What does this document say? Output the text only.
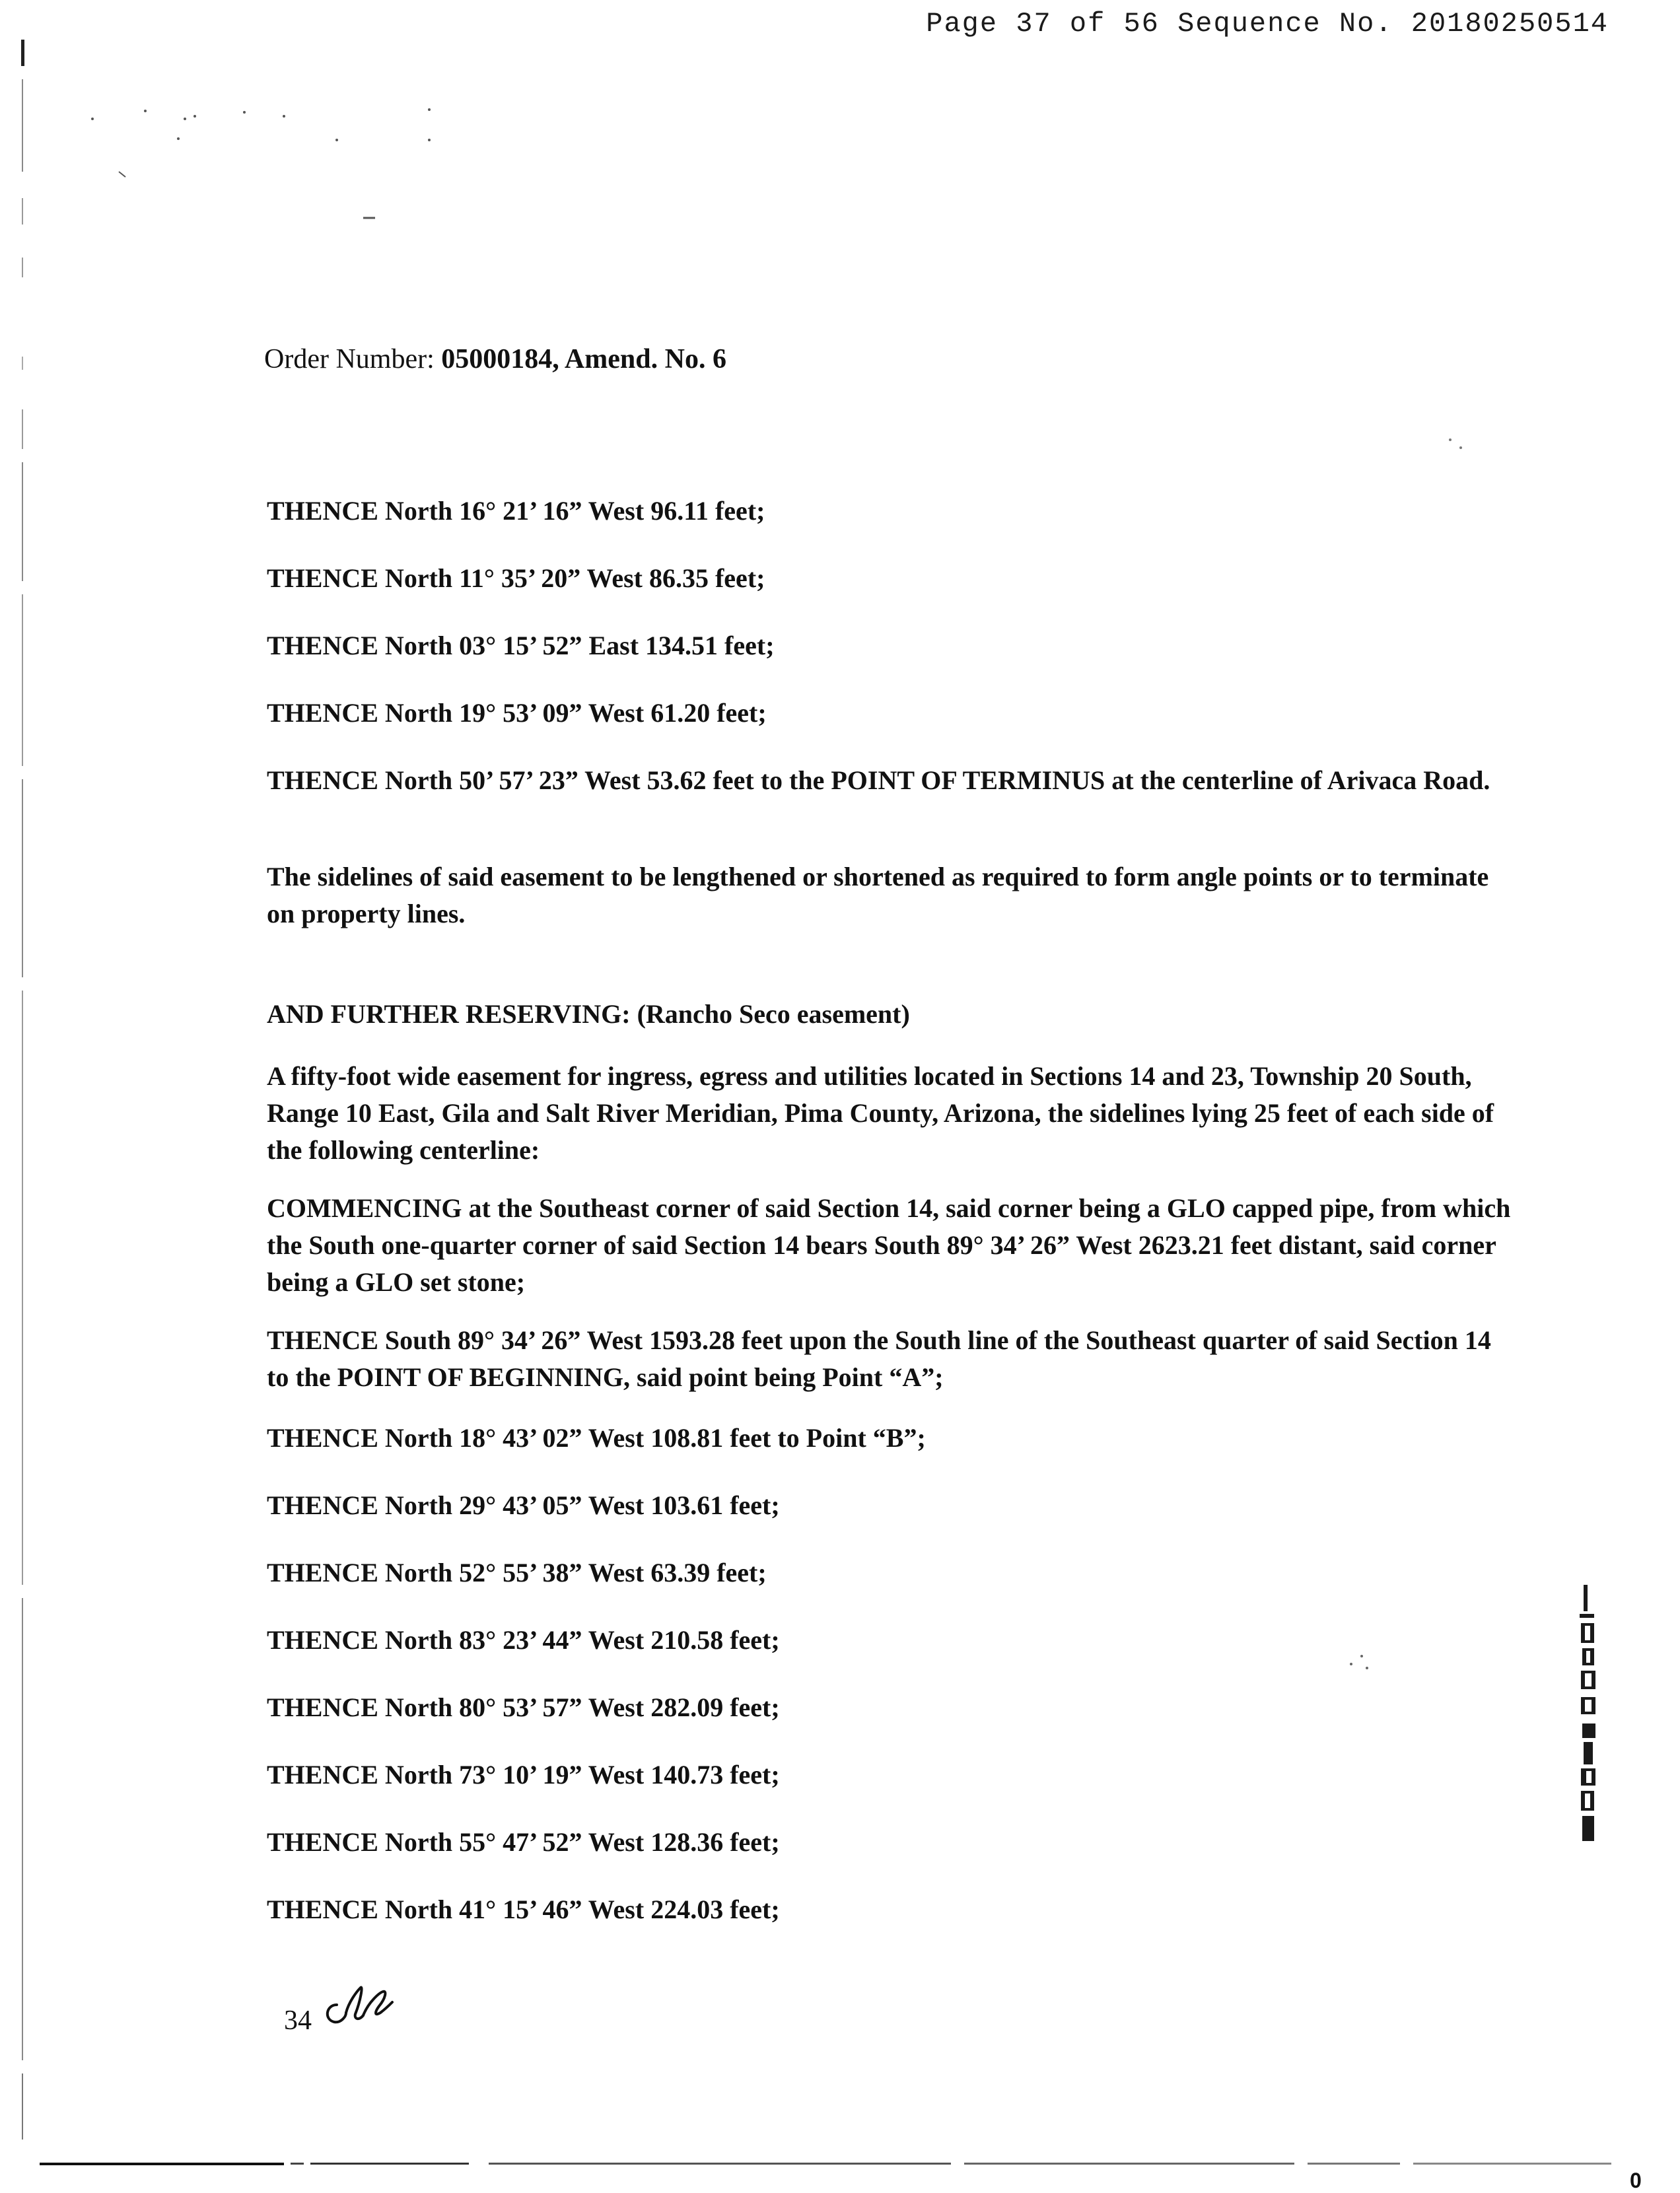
Page 37 of 56 Sequence No. 20180250514
Order Number: 05000184, Amend. No. 6

THENCE North 16° 21’ 16” West 96.11 feet;

THENCE North 11° 35’ 20” West 86.35 feet;

THENCE North 03° 15’ 52” East 134.51 feet;

THENCE North 19° 53’ 09” West 61.20 feet;

THENCE North 50’ 57’ 23” West 53.62 feet to the POINT OF TERMINUS at the centerline of Arivaca Road.

The sidelines of said easement to be lengthened or shortened as required to form angle points or to terminate on property lines.

AND FURTHER RESERVING: (Rancho Seco easement)

A fifty-foot wide easement for ingress, egress and utilities located in Sections 14 and 23, Township 20 South, Range 10 East, Gila and Salt River Meridian, Pima County, Arizona, the sidelines lying 25 feet of each side of the following centerline:

COMMENCING at the Southeast corner of said Section 14, said corner being a GLO capped pipe, from which the South one-quarter corner of said Section 14 bears South 89° 34’ 26” West 2623.21 feet distant, said corner being a GLO set stone;

THENCE South 89° 34’ 26” West 1593.28 feet upon the South line of the Southeast quarter of said Section 14 to the POINT OF BEGINNING, said point being Point “A”;

THENCE North 18° 43’ 02” West 108.81 feet to Point “B”;

THENCE North 29° 43’ 05” West 103.61 feet;

THENCE North 52° 55’ 38” West 63.39 feet;

THENCE North 83° 23’ 44” West 210.58 feet;

THENCE North 80° 53’ 57” West 282.09 feet;

THENCE North 73° 10’ 19” West 140.73 feet;

THENCE North 55° 47’ 52” West 128.36 feet;

THENCE North 41° 15’ 46” West 224.03 feet;

34
0
